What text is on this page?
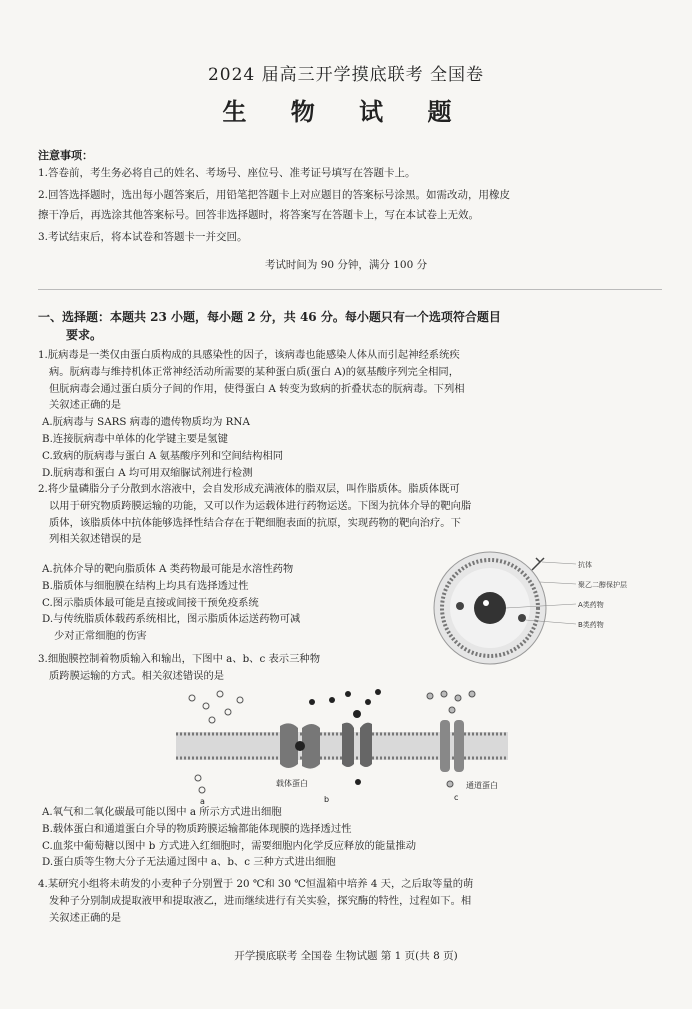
2024 届高三开学摸底联考 全国卷
生 物 试 题
注意事项：
1.答卷前，考生务必将自己的姓名、考场号、座位号、准考证号填写在答题卡上。
2.回答选择题时，选出每小题答案后，用铅笔把答题卡上对应题目的答案标号涂黑。如需改动，用橡皮
擦干净后，再选涂其他答案标号。回答非选择题时，将答案写在答题卡上，写在本试卷上无效。
3.考试结束后，将本试卷和答题卡一并交回。
考试时间为 90 分钟，满分 100 分
一、选择题：本题共 23 小题，每小题 2 分，共 46 分。每小题只有一个选项符合题目
要求。
1.朊病毒是一类仅由蛋白质构成的具感染性的因子，该病毒也能感染人体从而引起神经系统疾
病。朊病毒与维持机体正常神经活动所需要的某种蛋白质(蛋白 A)的氨基酸序列完全相同，
但朊病毒会通过蛋白质分子间的作用，使得蛋白 A 转变为致病的折叠状态的朊病毒。下列相
关叙述正确的是
A.朊病毒与 SARS 病毒的遗传物质均为 RNA
B.连接朊病毒中单体的化学键主要是氢键
C.致病的朊病毒与蛋白 A 氨基酸序列和空间结构相同
D.朊病毒和蛋白 A 均可用双缩脲试剂进行检测
2.将少量磷脂分子分散到水溶液中，会自发形成充满液体的脂双层，叫作脂质体。脂质体既可
以用于研究物质跨膜运输的功能，又可以作为运载体进行药物运送。下图为抗体介导的靶向脂
质体，该脂质体中抗体能够选择性结合存在于靶细胞表面的抗原，实现药物的靶向治疗。下
列相关叙述错误的是
A.抗体介导的靶向脂质体 A 类药物最可能是水溶性药物
B.脂质体与细胞膜在结构上均具有选择透过性
C.图示脂质体最可能是直接或间接干预免疫系统
D.与传统脂质体载药系统相比，图示脂质体运送药物可减
少对正常细胞的伤害
抗体
聚乙二醇保护层
A类药物
B类药物
3.细胞膜控制着物质输入和输出，下图中 a、b、c 表示三种物
质跨膜运输的方式。相关叙述错误的是
载体蛋白	通道蛋白
a	b	c
A.氧气和二氧化碳最可能以图中 a 所示方式进出细胞
B.载体蛋白和通道蛋白介导的物质跨膜运输都能体现膜的选择透过性
C.血浆中葡萄糖以图中 b 方式进入红细胞时，需要细胞内化学反应释放的能量推动
D.蛋白质等生物大分子无法通过图中 a、b、c 三种方式进出细胞
4.某研究小组将未萌发的小麦种子分别置于 20 ℃和 30 ℃恒温箱中培养 4 天，之后取等量的萌
发种子分别制成提取液甲和提取液乙，进而继续进行有关实验，探究酶的特性，过程如下。相
关叙述正确的是
开学摸底联考 全国卷 生物试题 第 1 页(共 8 页)
